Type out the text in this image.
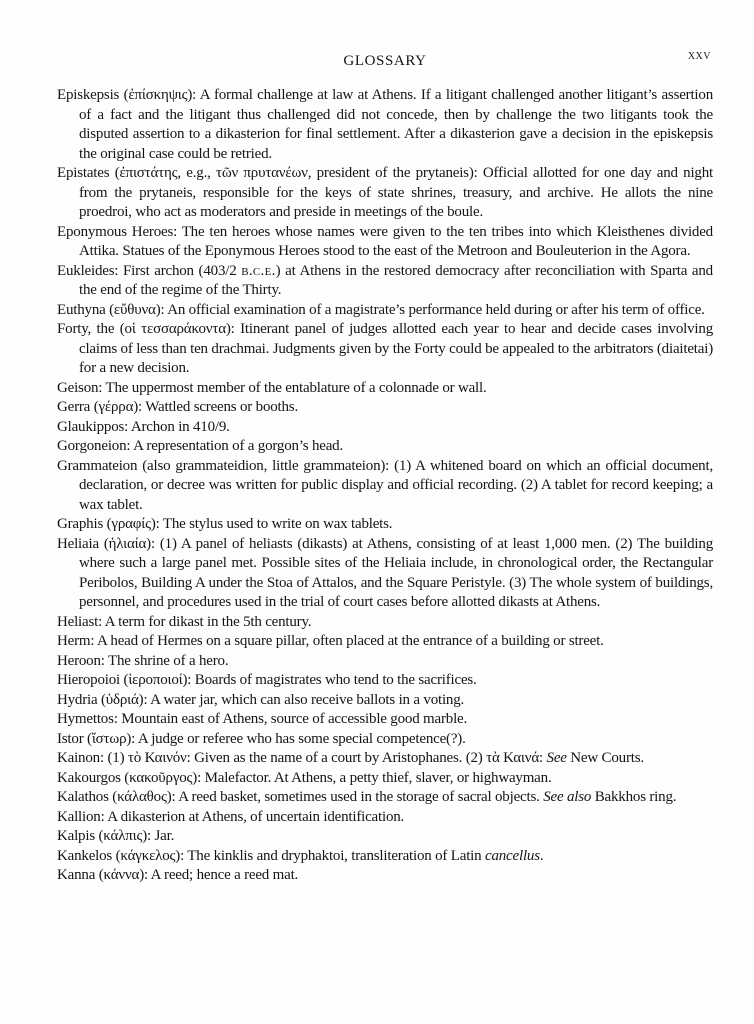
GLOSSARY	xxv

Episkepsis (ἐπίσκηψις): A formal challenge at law at Athens. If a litigant challenged another litigant’s assertion of a fact and the litigant thus challenged did not concede, then by challenge the two litigants took the disputed assertion to a dikasterion for final settlement. After a dikasterion gave a decision in the episkepsis the original case could be retried.

Epistates (ἐπιστάτης, e.g., τῶν πρυτανέων, president of the prytaneis): Official allotted for one day and night from the prytaneis, responsible for the keys of state shrines, treasury, and archive. He allots the nine proedroi, who act as moderators and preside in meetings of the boule.

Eponymous Heroes: The ten heroes whose names were given to the ten tribes into which Kleisthenes divided Attika. Statues of the Eponymous Heroes stood to the east of the Metroon and Bouleuterion in the Agora.

Eukleides: First archon (403/2 b.c.e.) at Athens in the restored democracy after reconciliation with Sparta and the end of the regime of the Thirty.

Euthyna (εὔθυνα): An official examination of a magistrate’s performance held during or after his term of office.

Forty, the (οἱ τεσσαράκοντα): Itinerant panel of judges allotted each year to hear and decide cases involving claims of less than ten drachmai. Judgments given by the Forty could be appealed to the arbitrators (diaitetai) for a new decision.

Geison: The uppermost member of the entablature of a colonnade or wall.

Gerra (γέρρα): Wattled screens or booths.

Glaukippos: Archon in 410/9.

Gorgoneion: A representation of a gorgon’s head.

Grammateion (also grammateidion, little grammateion): (1) A whitened board on which an official document, declaration, or decree was written for public display and official recording. (2) A tablet for record keeping; a wax tablet.

Graphis (γραφίς): The stylus used to write on wax tablets.

Heliaia (ἡλιαία): (1) A panel of heliasts (dikasts) at Athens, consisting of at least 1,000 men. (2) The building where such a large panel met. Possible sites of the Heliaia include, in chronological order, the Rectangular Peribolos, Building A under the Stoa of Attalos, and the Square Peristyle. (3) The whole system of buildings, personnel, and procedures used in the trial of court cases before allotted dikasts at Athens.

Heliast: A term for dikast in the 5th century.

Herm: A head of Hermes on a square pillar, often placed at the entrance of a building or street.

Heroon: The shrine of a hero.

Hieropoioi (ἱεροποιοί): Boards of magistrates who tend to the sacrifices.

Hydria (ὑδριά): A water jar, which can also receive ballots in a voting.

Hymettos: Mountain east of Athens, source of accessible good marble.

Istor (ἴστωρ): A judge or referee who has some special competence(?).

Kainon: (1) τὸ Καινόν: Given as the name of a court by Aristophanes. (2) τὰ Καινά: See New Courts.

Kakourgos (κακοῦργος): Malefactor. At Athens, a petty thief, slaver, or highwayman.

Kalathos (κάλαθος): A reed basket, sometimes used in the storage of sacral objects. See also Bakkhos ring.

Kallion: A dikasterion at Athens, of uncertain identification.

Kalpis (κάλπις): Jar.

Kankelos (κάγκελος): The kinklis and dryphaktoi, transliteration of Latin cancellus.

Kanna (κάννα): A reed; hence a reed mat.
